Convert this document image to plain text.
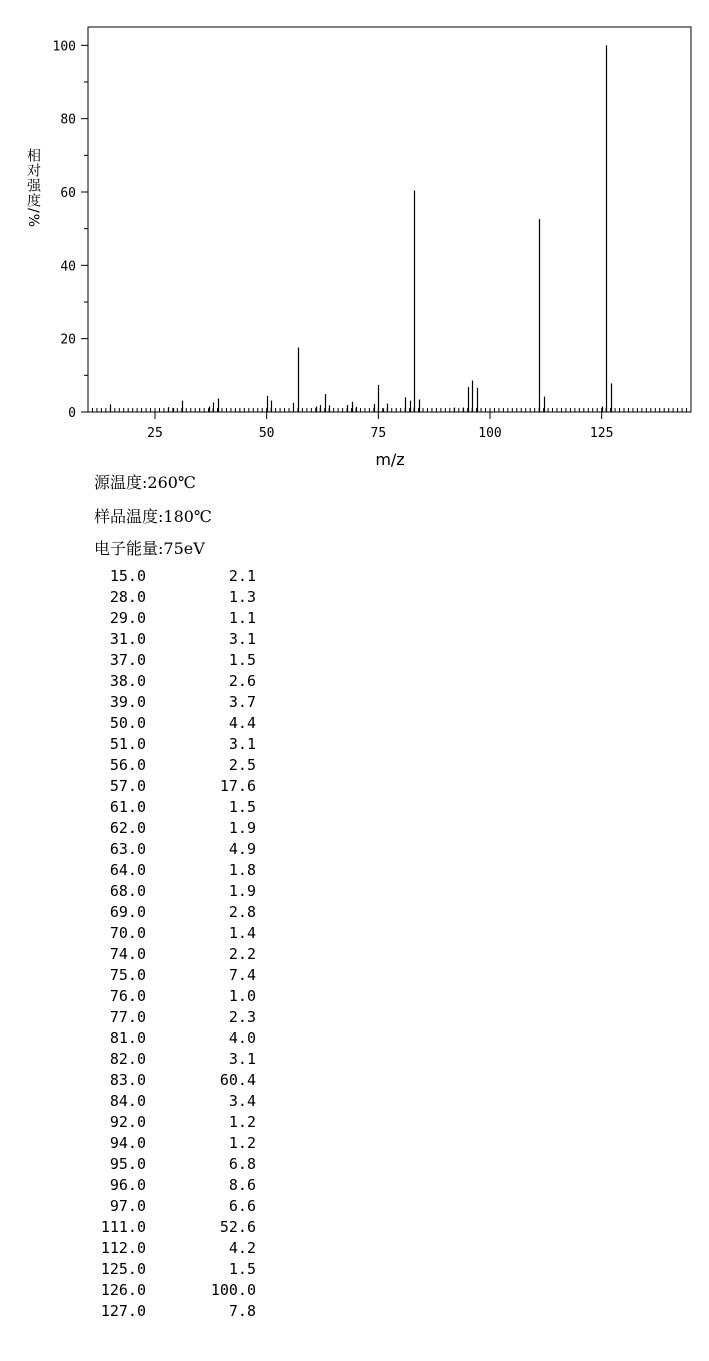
0
20
40
60
80
100
25	50	75	100	125
m/z
相对强度/%
源温度:260℃
样品温度:180℃
电子能量:75eV
15.0	2.1
28.0	1.3
29.0	1.1
31.0	3.1
37.0	1.5
38.0	2.6
39.0	3.7
50.0	4.4
51.0	3.1
56.0	2.5
57.0	17.6
61.0	1.5
62.0	1.9
63.0	4.9
64.0	1.8
68.0	1.9
69.0	2.8
70.0	1.4
74.0	2.2
75.0	7.4
76.0	1.0
77.0	2.3
81.0	4.0
82.0	3.1
83.0	60.4
84.0	3.4
92.0	1.2
94.0	1.2
95.0	6.8
96.0	8.6
97.0	6.6
111.0	52.6
112.0	4.2
125.0	1.5
126.0	100.0
127.0	7.8
